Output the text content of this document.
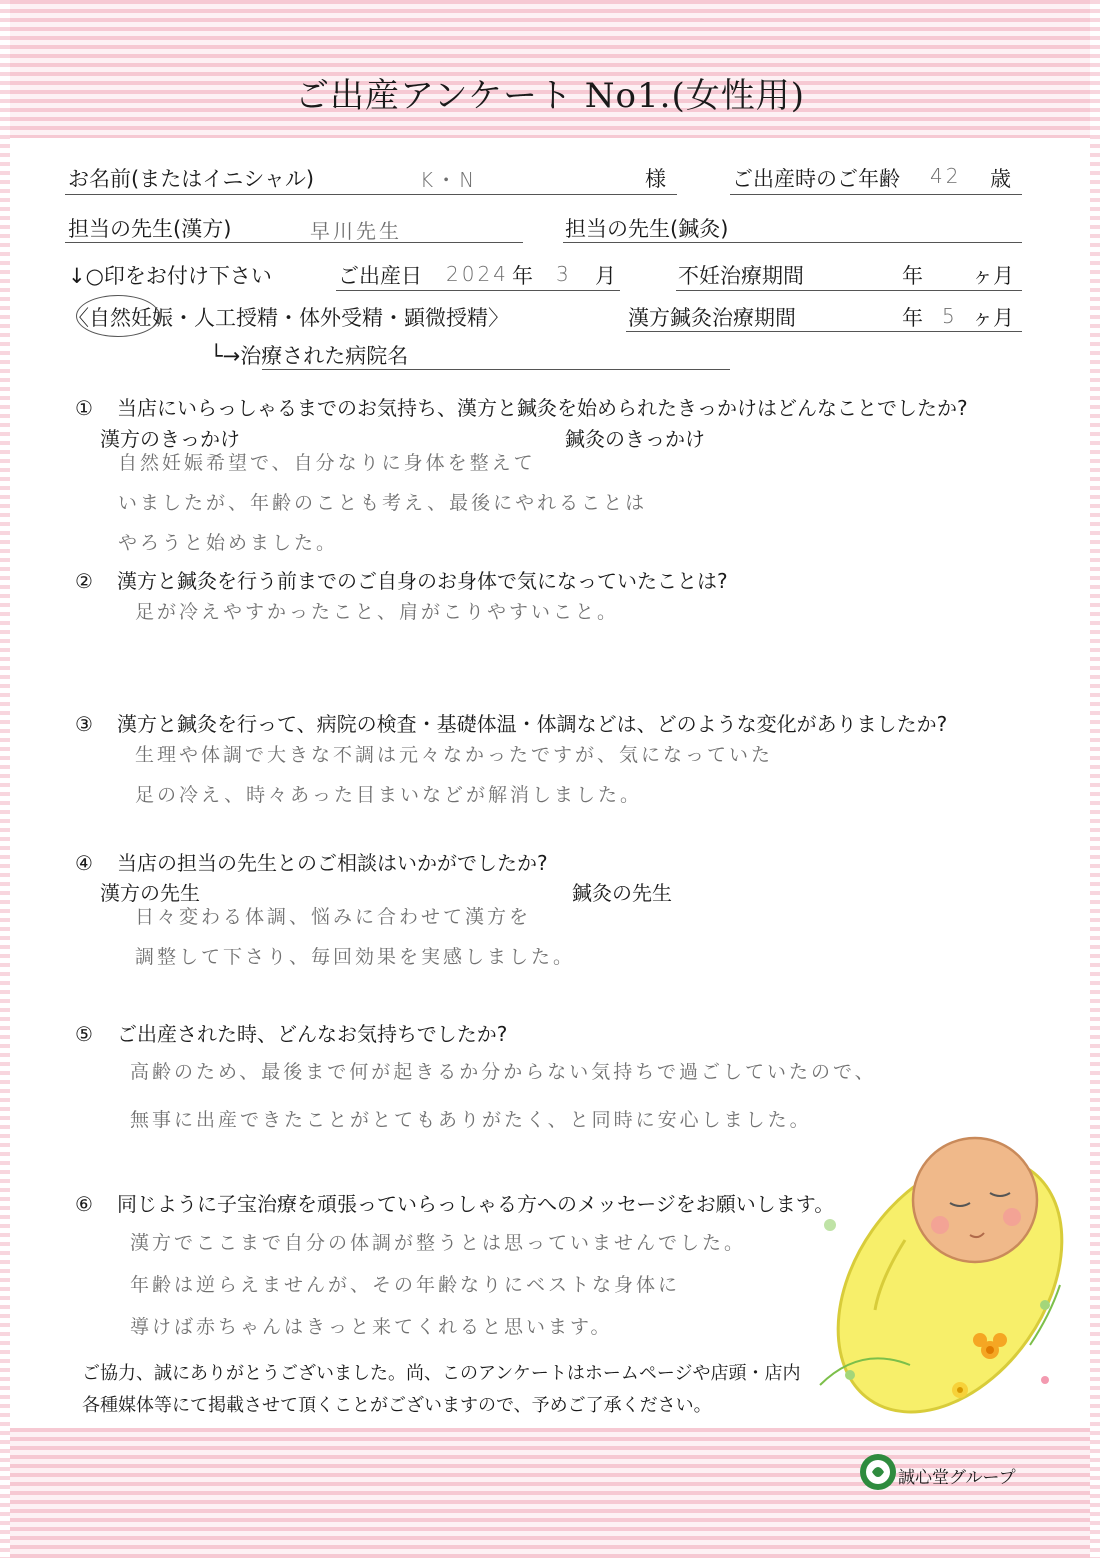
ご出産アンケート No1.(女性用)
お名前(またはイニシャル)	K・N	様	ご出産時のご年齢 42 歳
担当の先生(漢方)	早川先生	担当の先生(鍼灸)
↓○印をお付け下さい	ご出産日 2024 年 3 月	不妊治療期間	年 ヶ月
〈自然妊娠・人工授精・体外受精・顕微授精〉	漢方鍼灸治療期間	年 5 ヶ月
└→治療された病院名
① 当店にいらっしゃるまでのお気持ち、漢方と鍼灸を始められたきっかけはどんなことでしたか?
漢方のきっかけ	鍼灸のきっかけ
自然妊娠希望で、自分なりに身体を整えて
いましたが、年齢のことも考え、最後にやれることは
やろうと始めました。
② 漢方と鍼灸を行う前までのご自身のお身体で気になっていたことは?
足が冷えやすかったこと、肩がこりやすいこと。
③ 漢方と鍼灸を行って、病院の検査・基礎体温・体調などは、どのような変化がありましたか?
生理や体調で大きな不調は元々なかったですが、気になっていた
足の冷え、時々あった目まいなどが解消しました。
④ 当店の担当の先生とのご相談はいかがでしたか?
漢方の先生	鍼灸の先生
日々変わる体調、悩みに合わせて漢方を
調整して下さり、毎回効果を実感しました。
⑤ ご出産された時、どんなお気持ちでしたか?
高齢のため、最後まで何が起きるか分からない気持ちで過ごしていたので、
無事に出産できたことがとてもありがたく、と同時に安心しました。
⑥ 同じように子宝治療を頑張っていらっしゃる方へのメッセージをお願いします。
漢方でここまで自分の体調が整うとは思っていませんでした。
年齢は逆らえませんが、その年齢なりにベストな身体に
導けば赤ちゃんはきっと来てくれると思います。
ご協力、誠にありがとうございました。尚、このアンケートはホームページや店頭・店内
各種媒体等にて掲載させて頂くことがございますので、予めご了承ください。
誠心堂グループ
